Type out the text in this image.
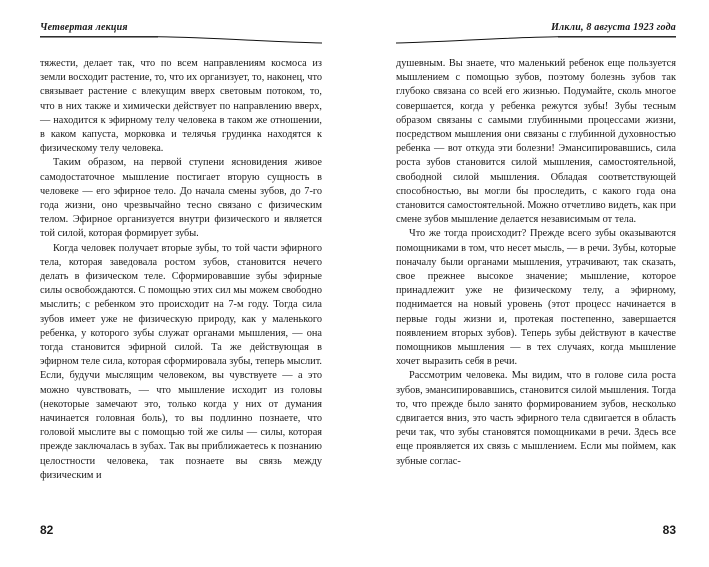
Четвертая лекция

тяжести, делает так, что по всем направлениям космоса из земли восходит растение, то, что их организует, то, наконец, что связывает растение с влекущим вверх световым потоком, то, что в них также и химически действует по направлению вверх, — находится к эфирному телу человека в таком же отношении, в каком капуста, морковка и телячья грудинка находятся к физическому телу человека.

Таким образом, на первой ступени ясновидения живое самодостаточное мышление постигает вторую сущность в человеке — его эфирное тело. До начала смены зубов, до 7-го года жизни, оно чрезвычайно тесно связано с физическим телом. Эфирное организуется внутри физического и является той силой, которая формирует зубы.

Когда человек получает вторые зубы, то той части эфирного тела, которая заведовала ростом зубов, становится нечего делать в физическом теле. Сформировавшие зубы эфирные силы освобождаются. С помощью этих сил мы можем свободно мыслить; с ребенком это происходит на 7-м году. Тогда сила зубов имеет уже не физическую природу, как у маленького ребенка, у которого зубы служат органами мышления, — она тогда становится эфирной силой. Та же действующая в эфирном теле сила, которая сформировала зубы, теперь мыслит. Если, будучи мыслящим человеком, вы чувствуете — а это можно чувствовать, — что мышление исходит из головы (некоторые замечают это, только когда у них от думания начинается головная боль), то вы подлинно познаете, что головой мыслите вы с помощью той же силы — силы, которая прежде заключалась в зубах. Так вы приближаетесь к познанию целостности человека, так познаете вы связь между физическим и

82
Илкли, 8 августа 1923 года

душевным. Вы знаете, что маленький ребенок еще пользуется мышлением с помощью зубов, поэтому болезнь зубов так глубоко связана со всей его жизнью. Подумайте, сколь многое совершается, когда у ребенка режутся зубы! Зубы тесным образом связаны с самыми глубинными процессами жизни, посредством мышления они связаны с глубинной духовностью ребенка — вот откуда эти болезни! Эмансипировавшись, сила роста зубов становится силой мышления, самостоятельной, свободной силой мышления. Обладая соответствующей способностью, вы могли бы проследить, с какого года она становится самостоятельной. Можно отчетливо видеть, как при смене зубов мышление делается независимым от тела.

Что же тогда происходит? Прежде всего зубы оказываются помощниками в том, что несет мысль, — в речи. Зубы, которые поначалу были органами мышления, утрачивают, так сказать, свое прежнее высокое значение; мышление, которое принадлежит уже не физическому телу, а эфирному, поднимается на новый уровень (этот процесс начинается в первые годы жизни и, протекая постепенно, завершается появлением вторых зубов). Теперь зубы действуют в качестве помощников мышления — в тех случаях, когда мышление хочет выразить себя в речи.

Рассмотрим человека. Мы видим, что в голове сила роста зубов, эмансипировавшись, становится силой мышления. Тогда то, что прежде было занято формированием зубов, несколько сдвигается вниз, это часть эфирного тела сдвигается в область речи так, что зубы становятся помощниками в речи. Здесь все еще проявляется их связь с мышлением. Если мы поймем, как зубные соглас-

83
